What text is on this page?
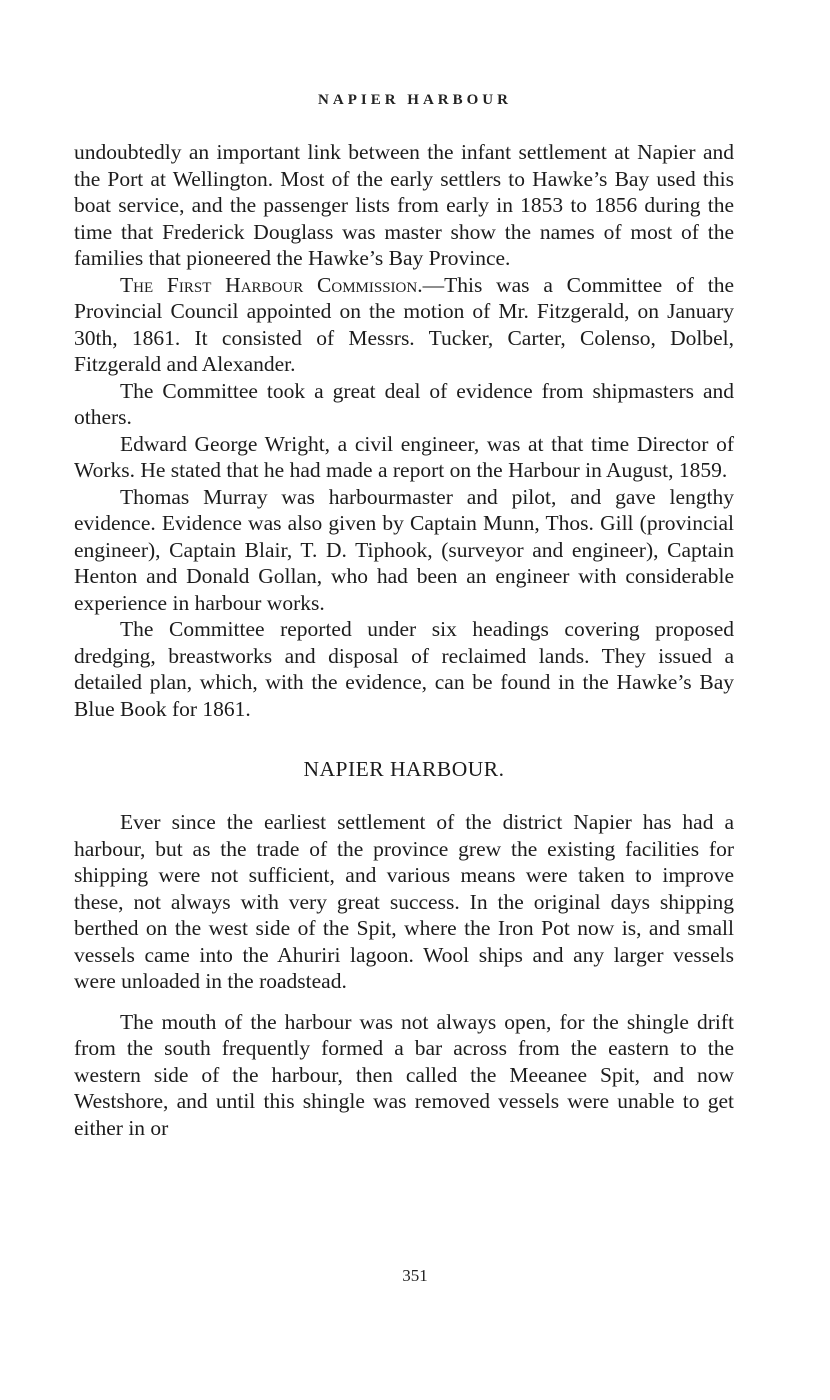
NAPIER HARBOUR

undoubtedly an important link between the infant settlement at Napier and the Port at Wellington. Most of the early settlers to Hawke’s Bay used this boat service, and the passenger lists from early in 1853 to 1856 during the time that Frederick Douglass was master show the names of most of the families that pioneered the Hawke’s Bay Province.

The First Harbour Commission.—This was a Committee of the Provincial Council appointed on the motion of Mr. Fitzgerald, on January 30th, 1861. It consisted of Messrs. Tucker, Carter, Colenso, Dolbel, Fitzgerald and Alexander.

The Committee took a great deal of evidence from shipmasters and others.

Edward George Wright, a civil engineer, was at that time Director of Works. He stated that he had made a report on the Harbour in August, 1859.

Thomas Murray was harbourmaster and pilot, and gave lengthy evidence. Evidence was also given by Captain Munn, Thos. Gill (provincial engineer), Captain Blair, T. D. Tiphook, (surveyor and engineer), Captain Henton and Donald Gollan, who had been an engineer with considerable experience in harbour works.

The Committee reported under six headings covering proposed dredging, breastworks and disposal of reclaimed lands. They issued a detailed plan, which, with the evidence, can be found in the Hawke’s Bay Blue Book for 1861.

NAPIER HARBOUR.

Ever since the earliest settlement of the district Napier has had a harbour, but as the trade of the province grew the existing facilities for shipping were not sufficient, and various means were taken to improve these, not always with very great success. In the original days shipping berthed on the west side of the Spit, where the Iron Pot now is, and small vessels came into the Ahuriri lagoon. Wool ships and any larger vessels were unloaded in the roadstead.

The mouth of the harbour was not always open, for the shingle drift from the south frequently formed a bar across from the eastern to the western side of the harbour, then called the Meeanee Spit, and now Westshore, and until this shingle was removed vessels were unable to get either in or

351
